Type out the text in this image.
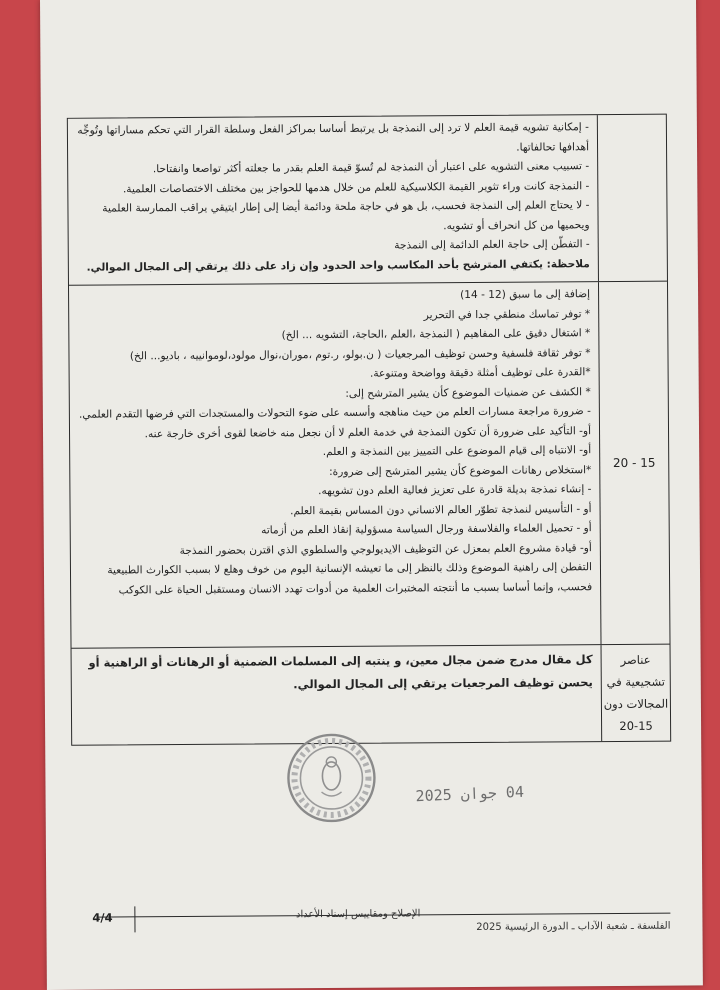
- إمكانية تشويه قيمة العلم لا ترد إلى النمذجة بل يرتبط أساسا بمراكز الفعل وسلطة القرار التي تحكم مساراتها وتُوجِّه أهدافها تحالفاتها.

- تسبيب معنى التشويه على اعتبار أن النمذجة لم تُسوّ قيمة العلم بقدر ما جعلته أكثر تواصعا وانفتاحا.

- النمذجة كانت وراء تثوير القيمة الكلاسيكية للعلم من خلال هدمها للحواجز بين مختلف الاختصاصات العلمية.

- لا يحتاج العلم إلى النمذجة فحسب، بل هو في حاجة ملحة ودائمة أيضا إلى إطار ايتيقي يراقب الممارسة العلمية ويحميها من كل انحراف أو تشويه.

- التفطّن إلى حاجة العلم الدائمة إلى النمذجة

ملاحظة: يكتفي المترشح بأحد المكاسب واحد الحدود وإن زاد على ذلك يرتقي إلى المجال الموالي.

15 - 20

إضافة إلى ما سبق (12 - 14)

* توفر تماسك منطقي جدا في التحرير

* اشتغال دقيق على المفاهيم ( النمذجة ،العلم ،الحاجة، التشويه ... الخ)

* توفر ثقافة فلسفية وحسن توظيف المرجعيات ( ن.بولو، ر.توم ،موران،نوال مولود،لوموانييه ، باديو... الخ)

*القدرة على توظيف أمثلة دقيقة وواضحة ومتنوعة.

* الكشف عن ضمنيات الموضوع كأن يشير المترشح إلى:

- ضرورة مراجعة مسارات العلم من حيث مناهجه وأسسه على ضوء التحولات والمستجدات التي فرضها التقدم العلمي.

أو- التأكيد على ضرورة أن تكون النمذجة في خدمة العلم لا أن نجعل منه خاضعا لقوى أخرى خارجة عنه.

أو- الانتباه إلى قيام الموضوع على التمييز بين النمذجة و العلم.

*استخلاص رهانات الموضوع كأن يشير المترشح إلى ضرورة:

- إنشاء نمذجة بديلة قادرة على تعزيز فعالية العلم دون تشويهه.

أو - التأسيس لنمذجة تطوّر العالم الانساني دون المساس بقيمة العلم.

أو - تحميل العلماء والفلاسفة ورجال السياسة مسؤولية إنقاذ العلم من أزماته

أو- قيادة مشروع العلم بمعزل عن التوظيف الايديولوجي والسلطوي الذي اقترن بحضور النمذجة

التفطن إلى راهنية الموضوع وذلك بالنظر إلى ما تعيشه الإنسانية اليوم من خوف وهلع لا بسبب الكوارث الطبيعية فحسب، وإنما أساسا بسبب ما أنتجته المختبرات العلمية من أدوات تهدد الانسان ومستقبل الحياة على الكوكب

عناصر تشجيعية في المجالات دون 15-20

كل مقال مدرج ضمن مجال معين، و ينتبه إلى المسلمات الضمنية أو الرهانات أو الراهنية أو يحسن توظيف المرجعيات يرتقي إلى المجال الموالي.

04 جوان 2025
الإصلاح ومقاييس إسناد الأعداد
الفلسفة ـ شعبة الآداب ـ الدورة الرئيسية 2025
4/4
